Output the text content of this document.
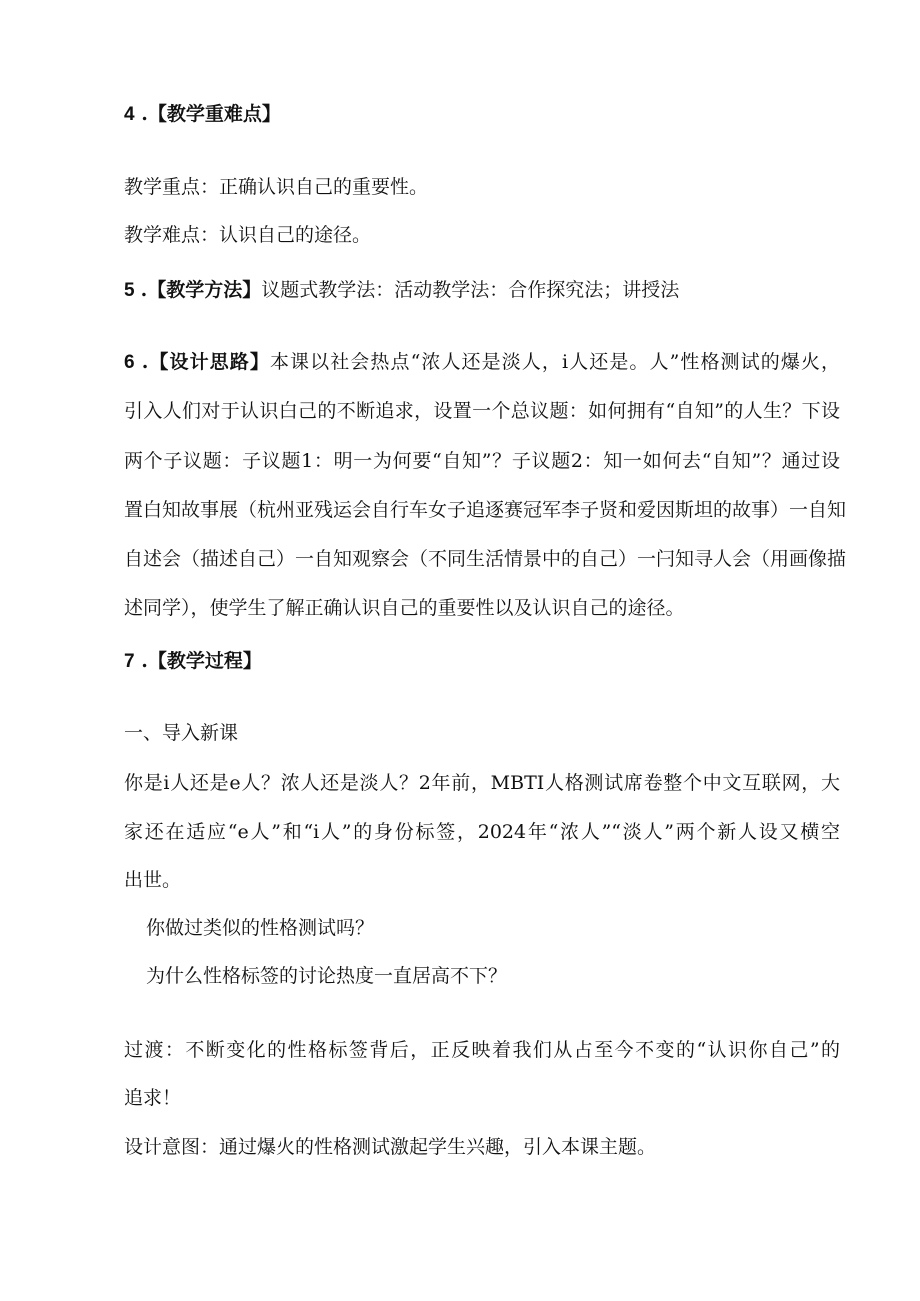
4 .【教学重难点】
教学重点：正确认识自己的重要性。
教学难点：认识自己的途径。
5 .【教学方法】议题式教学法：活动教学法：合作探究法；讲授法
6 .【设计思路】本课以社会热点“浓人还是淡人，i人还是。人”性格测试的爆火，
引入人们对于认识白己的不断追求，设置一个总议题：如何拥有“自知”的人生？下设
两个子议题：子议题1：明一为何要“自知”？子议题2：知一如何去“自知”？通过设
置白知故事展（杭州亚残运会自行车女子追逐赛冠军李子贤和爱因斯坦的故事）一自知
自述会（描述自己）一自知观察会（不同生活情景中的自己）一闩知寻人会（用画像描
述同学），使学生了解正确认识自己的重要性以及认识自己的途径。
7 .【教学过程】
一、导入新课
你是i人还是e人？浓人还是淡人？2年前，MBTI人格测试席卷整个中文互联网，大
家还在适应“e人”和“i人”的身份标签，2024年“浓人”“淡人”两个新人设又横空
出世。
你做过类似的性格测试吗？
为什么性格标签的讨论热度一直居高不下？
过渡：不断变化的性格标签背后，正反映着我们从占至今不变的“认识你自己”的
追求！
设计意图：通过爆火的性格测试激起学生兴趣，引入本课主题。
